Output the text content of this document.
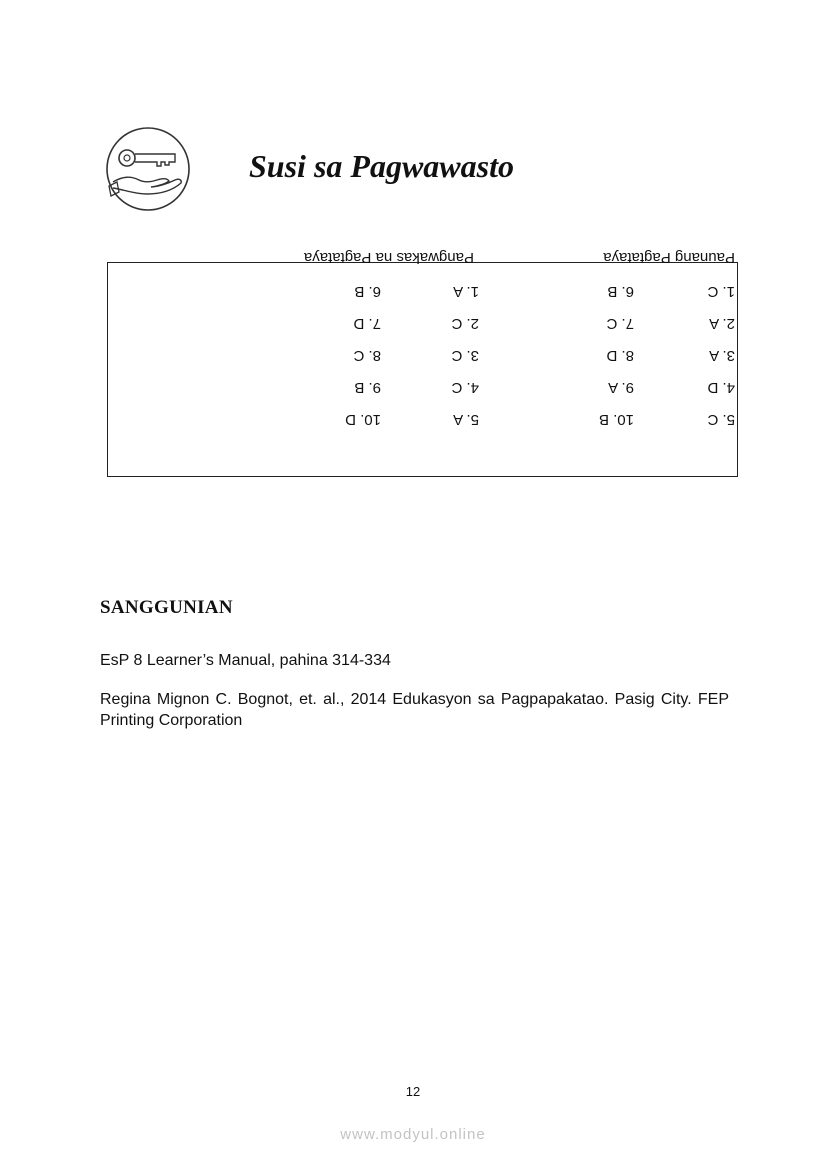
Susi sa Pagwawasto
Paunang Pagtataya
Pangwakas na Pagtataya
1. C
2. A
3. A
4. D
5. C
6. B
7. C
8. D
9. A
10. B
1. A
2. C
3. C
4. C
5. A
6. B
7. D
8. C
9. B
10. D
SANGGUNIAN
EsP 8 Learner’s Manual, pahina 314-334
Regina Mignon C. Bognot, et. al., 2014 Edukasyon sa Pagpapakatao. Pasig City. FEP Printing Corporation
12
www.modyul.online
